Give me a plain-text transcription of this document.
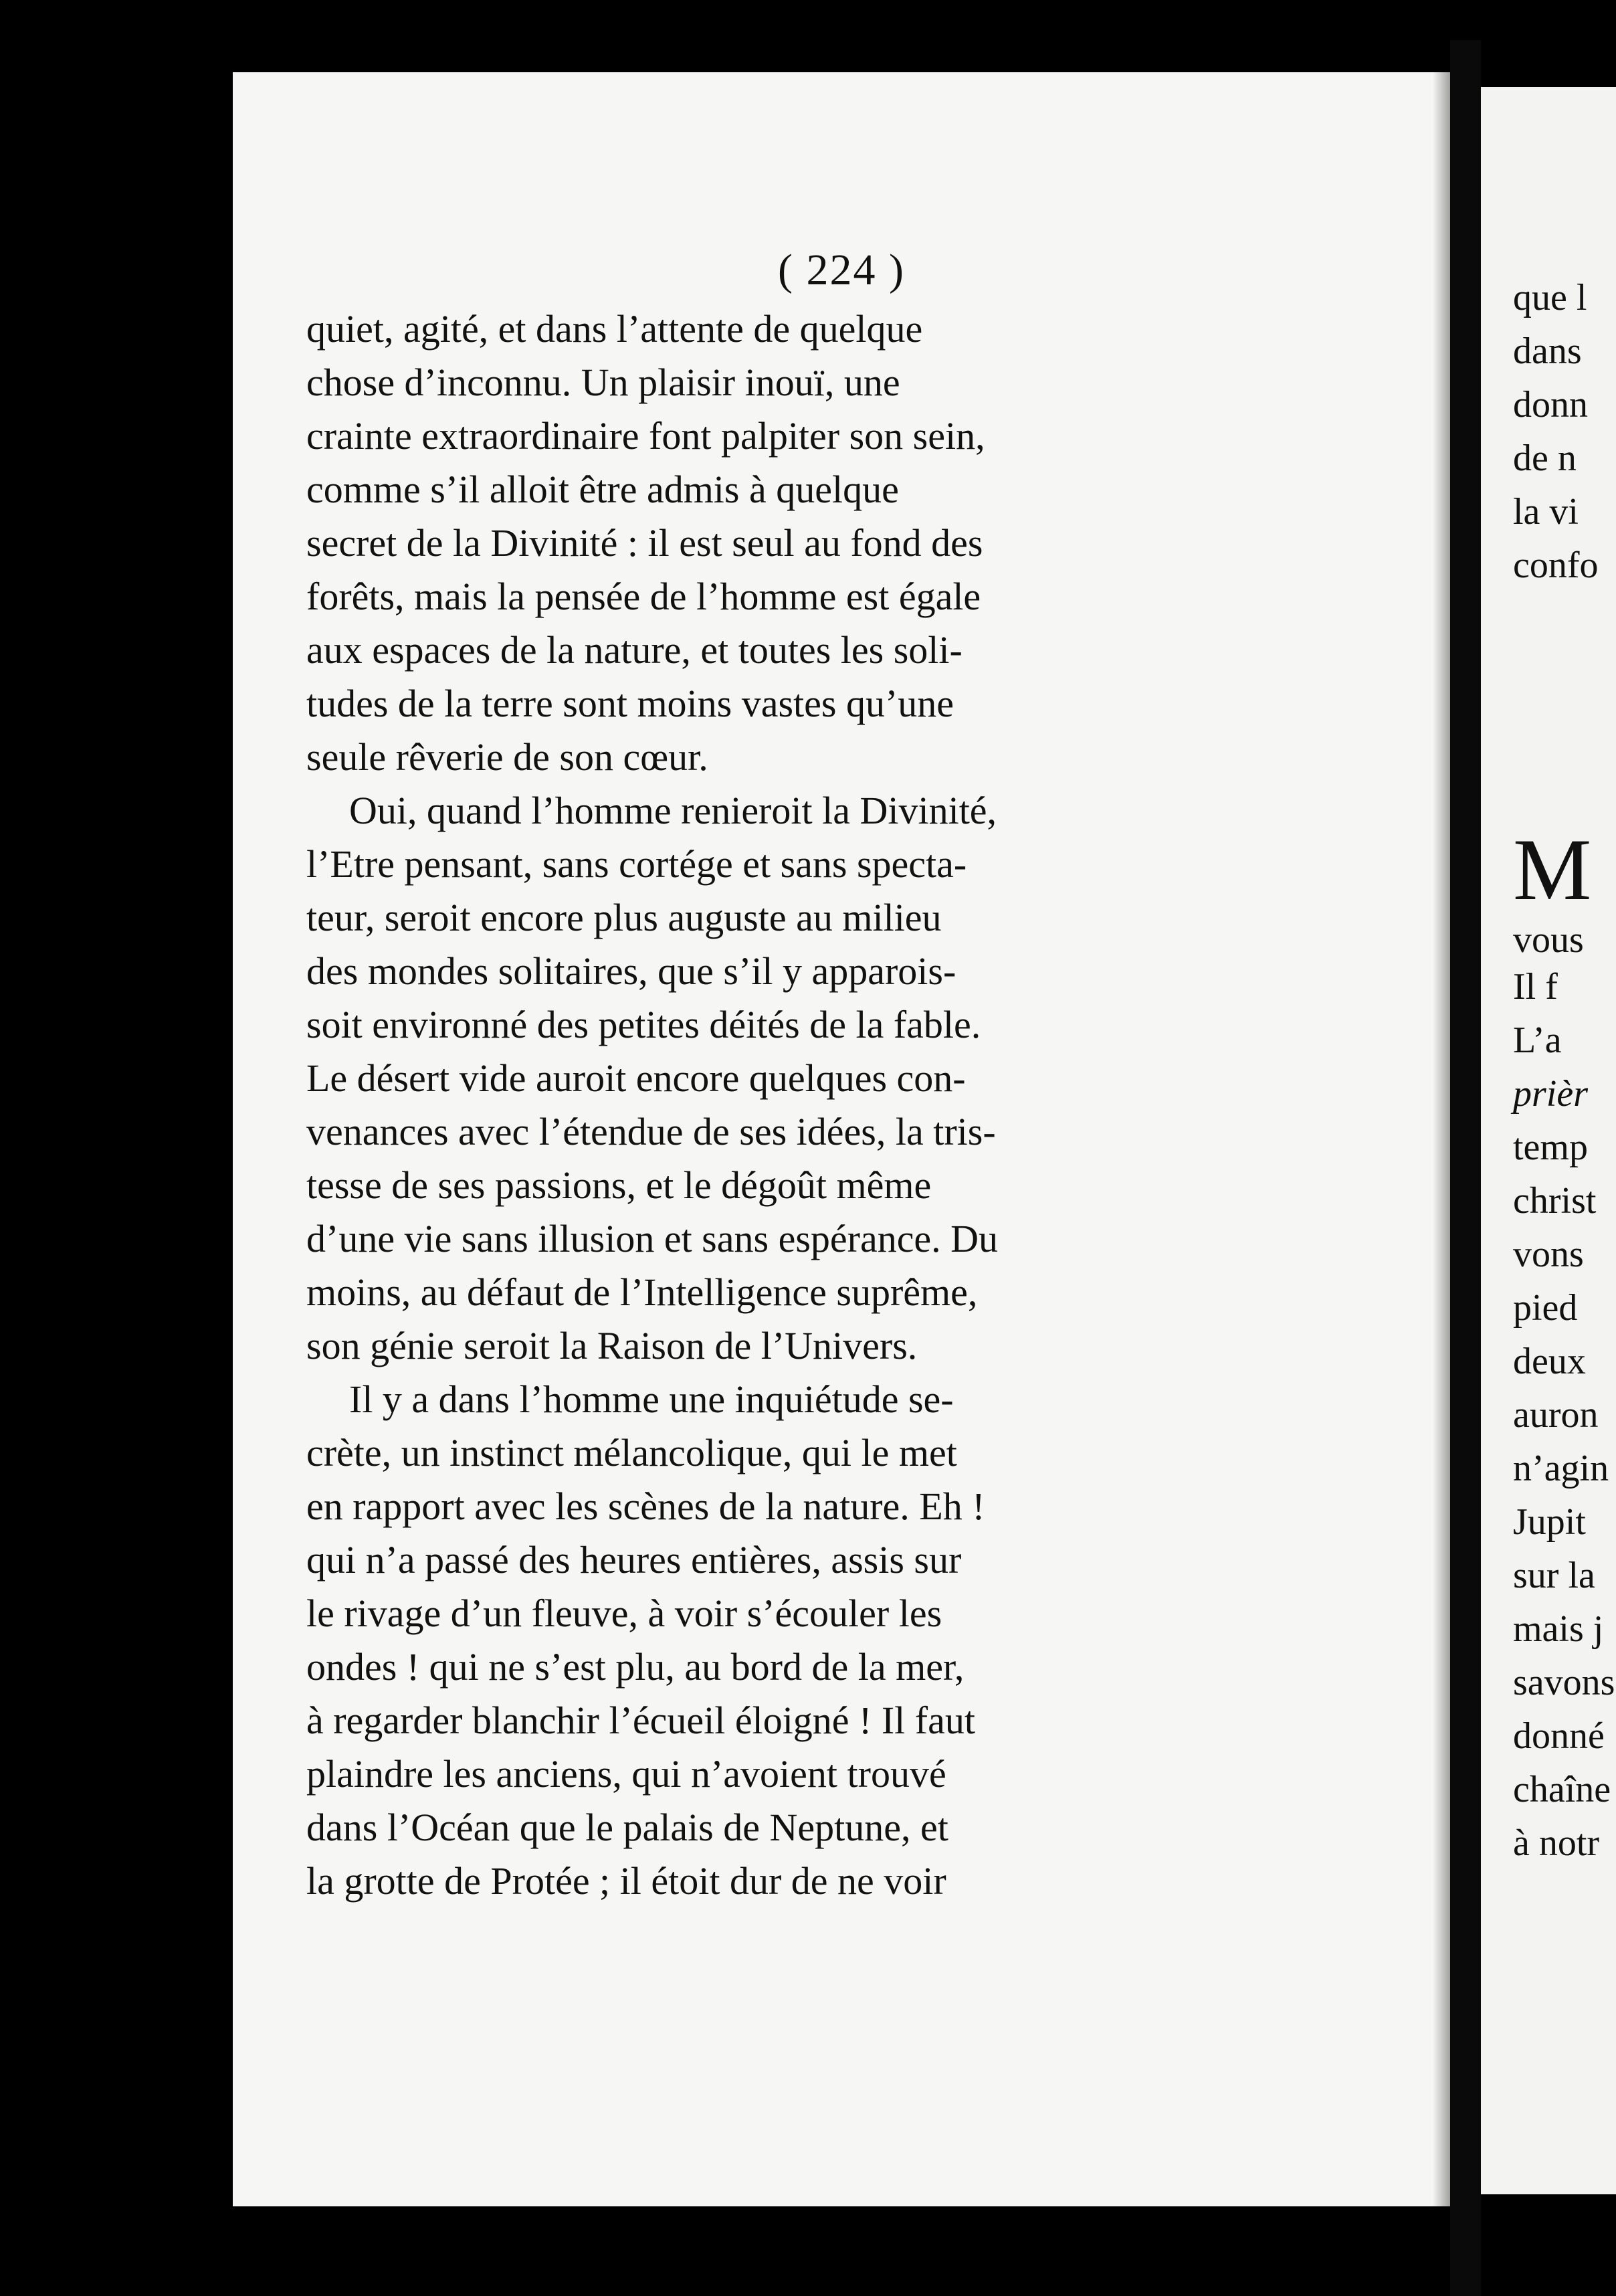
( 224 )
quiet, agité, et dans l’attente de quelque
chose d’inconnu. Un plaisir inouï, une
crainte extraordinaire font palpiter son sein,
comme s’il alloit être admis à quelque
secret de la Divinité : il est seul au fond des
forêts, mais la pensée de l’homme est égale
aux espaces de la nature, et toutes les soli-
tudes de la terre sont moins vastes qu’une
seule rêverie de son cœur.
Oui, quand l’homme renieroit la Divinité,
l’Etre pensant, sans cortége et sans specta-
teur, seroit encore plus auguste au milieu
des mondes solitaires, que s’il y apparois-
soit environné des petites déités de la fable.
Le désert vide auroit encore quelques con-
venances avec l’étendue de ses idées, la tris-
tesse de ses passions, et le dégoût même
d’une vie sans illusion et sans espérance. Du
moins, au défaut de l’Intelligence suprême,
son génie seroit la Raison de l’Univers.
Il y a dans l’homme une inquiétude se-
crète, un instinct mélancolique, qui le met
en rapport avec les scènes de la nature. Eh !
qui n’a passé des heures entières, assis sur
le rivage d’un fleuve, à voir s’écouler les
ondes ! qui ne s’est plu, au bord de la mer,
à regarder blanchir l’écueil éloigné ! Il faut
plaindre les anciens, qui n’avoient trouvé
dans l’Océan que le palais de Neptune, et
la grotte de Protée ; il étoit dur de ne voir
que l
dans
donn
de n
la vi
confo
M
vous
Il f
L’a
prièr
temp
christ
vons
pied
deux
auron
n’agin
Jupit
sur la
mais j
savons
donné
chaîne
à notr
